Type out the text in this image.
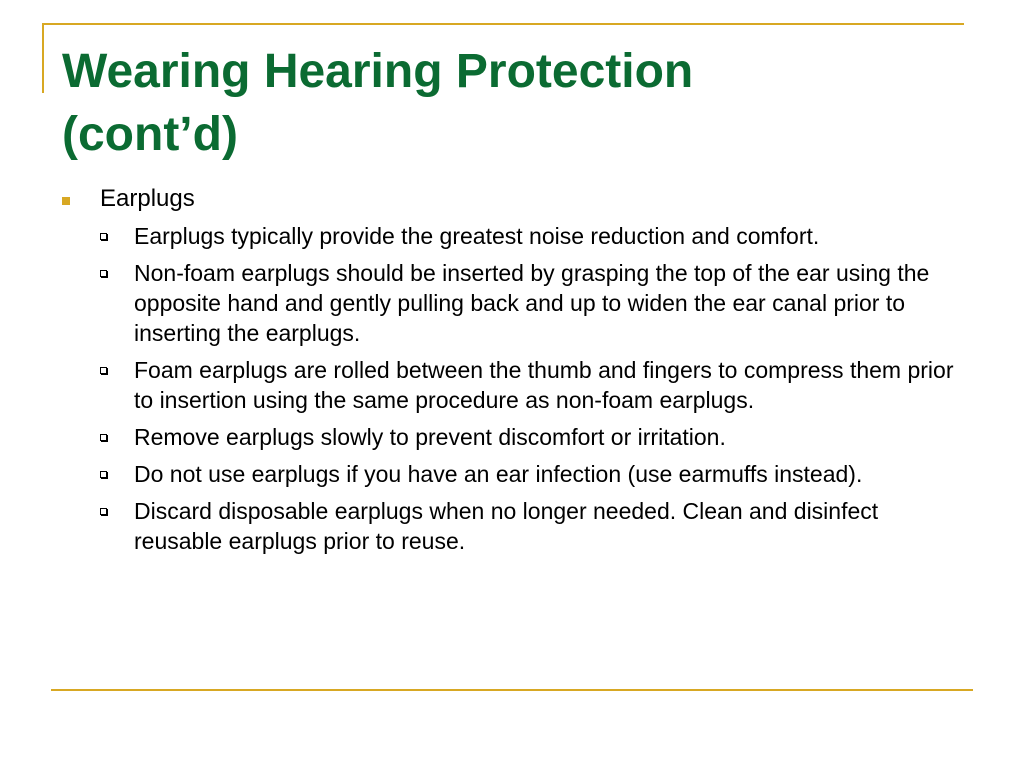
Wearing Hearing Protection
(cont’d)
Earplugs
Earplugs typically provide the greatest noise reduction and comfort.
Non-foam earplugs should be inserted by grasping the top of the ear using the opposite hand and gently pulling back and up to widen the ear canal prior to inserting the earplugs.
Foam earplugs are rolled between the thumb and fingers to compress them prior to insertion using the same procedure as non-foam earplugs.
Remove earplugs slowly to prevent discomfort or irritation.
Do not use earplugs if you have an ear infection (use earmuffs instead).
Discard disposable earplugs when no longer needed. Clean and disinfect reusable earplugs prior to reuse.
